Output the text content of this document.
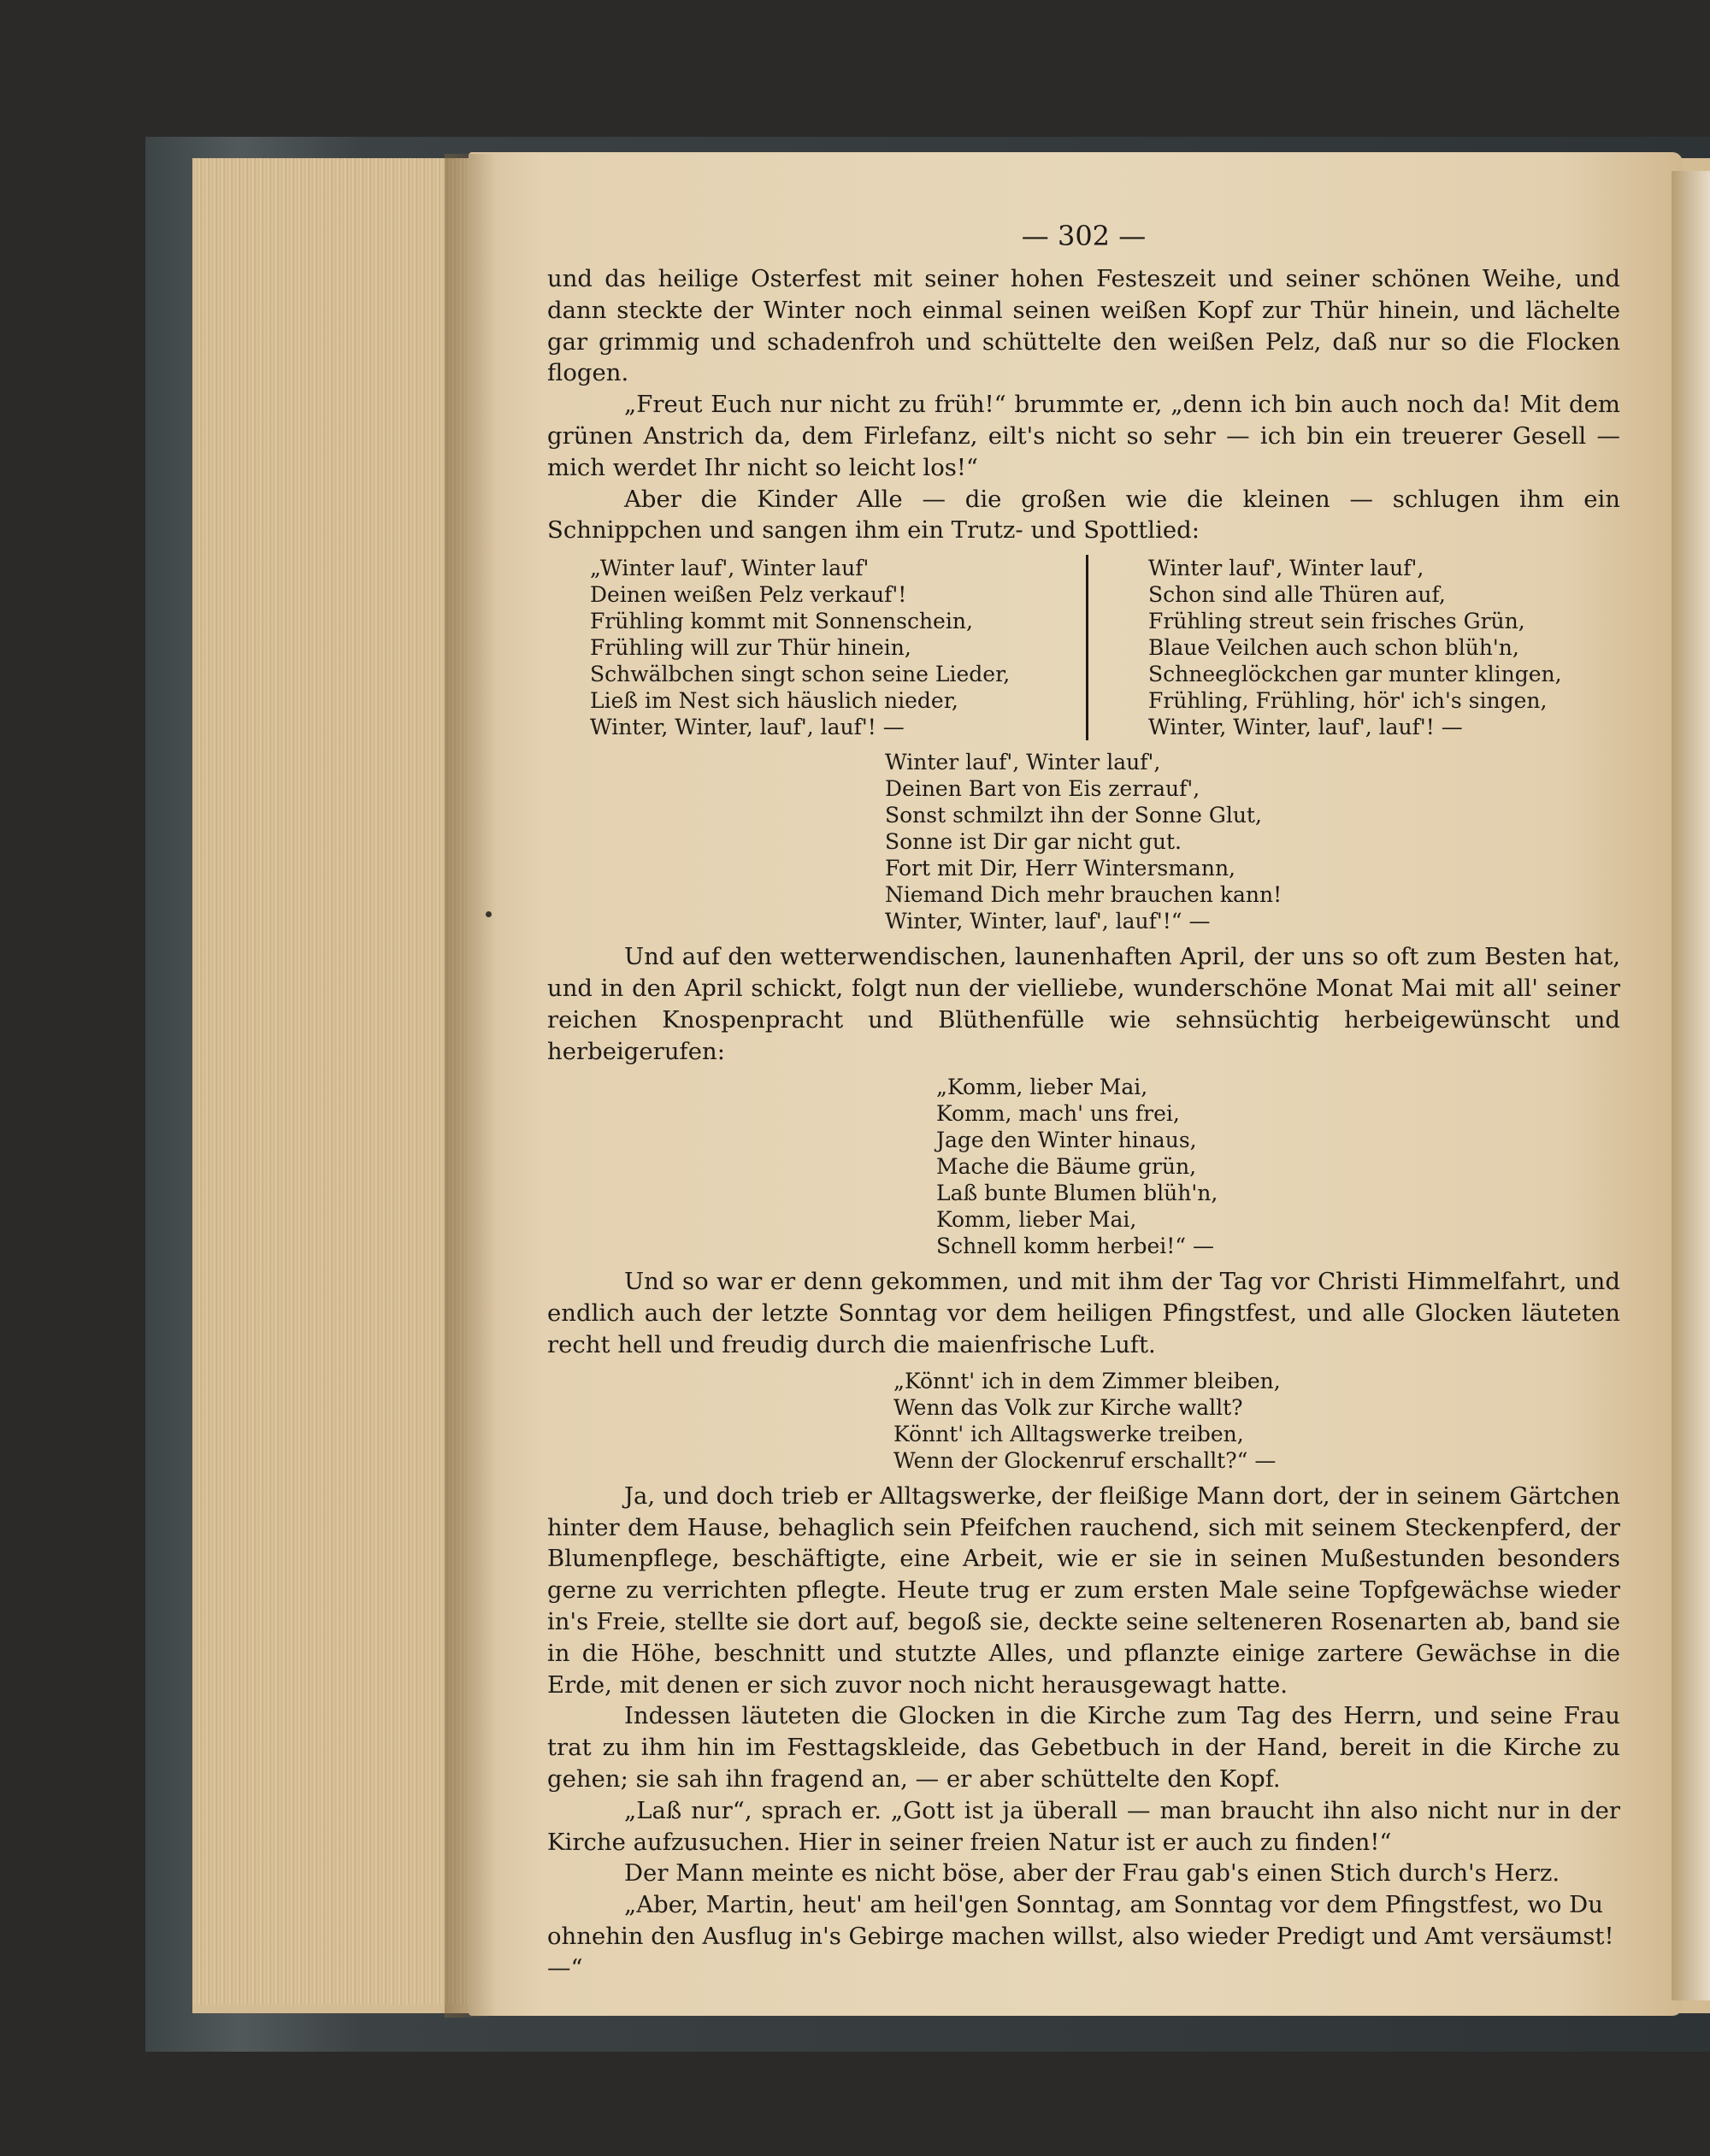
— 302 —

und das heilige Osterfest mit seiner hohen Festeszeit und seiner schönen Weihe, und dann steckte der Winter noch einmal seinen weißen Kopf zur Thür hinein, und lächelte gar grimmig und schadenfroh und schüttelte den weißen Pelz, daß nur so die Flocken flogen.

„Freut Euch nur nicht zu früh!“ brummte er, „denn ich bin auch noch da! Mit dem grünen Anstrich da, dem Firlefanz, eilt's nicht so sehr — ich bin ein treuerer Gesell — mich werdet Ihr nicht so leicht los!“

Aber die Kinder Alle — die großen wie die kleinen — schlugen ihm ein Schnippchen und sangen ihm ein Trutz- und Spottlied:

„Winter lauf', Winter lauf'
Deinen weißen Pelz verkauf'!
Frühling kommt mit Sonnenschein,
Frühling will zur Thür hinein,
Schwälbchen singt schon seine Lieder,
Ließ im Nest sich häuslich nieder,
Winter, Winter, lauf', lauf'! —
Winter lauf', Winter lauf',
Schon sind alle Thüren auf,
Frühling streut sein frisches Grün,
Blaue Veilchen auch schon blüh'n,
Schneeglöckchen gar munter klingen,
Frühling, Frühling, hör' ich's singen,
Winter, Winter, lauf', lauf'! —
Winter lauf', Winter lauf',
Deinen Bart von Eis zerrauf',
Sonst schmilzt ihn der Sonne Glut,
Sonne ist Dir gar nicht gut.
Fort mit Dir, Herr Wintersmann,
Niemand Dich mehr brauchen kann!
Winter, Winter, lauf', lauf'!“ —

Und auf den wetterwendischen, launenhaften April, der uns so oft zum Besten hat, und in den April schickt, folgt nun der vielliebe, wunderschöne Monat Mai mit all' seiner reichen Knospenpracht und Blüthenfülle wie sehnsüchtig herbeigewünscht und herbeigerufen:

„Komm, lieber Mai,
Komm, mach' uns frei,
Jage den Winter hinaus,
Mache die Bäume grün,
Laß bunte Blumen blüh'n,
Komm, lieber Mai,
Schnell komm herbei!“ —

Und so war er denn gekommen, und mit ihm der Tag vor Christi Himmelfahrt, und endlich auch der letzte Sonntag vor dem heiligen Pfingstfest, und alle Glocken läuteten recht hell und freudig durch die maienfrische Luft.

„Könnt' ich in dem Zimmer bleiben,
Wenn das Volk zur Kirche wallt?
Könnt' ich Alltagswerke treiben,
Wenn der Glockenruf erschallt?“ —

Ja, und doch trieb er Alltagswerke, der fleißige Mann dort, der in seinem Gärtchen hinter dem Hause, behaglich sein Pfeifchen rauchend, sich mit seinem Steckenpferd, der Blumenpflege, beschäftigte, eine Arbeit, wie er sie in seinen Mußestunden besonders gerne zu verrichten pflegte. Heute trug er zum ersten Male seine Topfgewächse wieder in's Freie, stellte sie dort auf, begoß sie, deckte seine selteneren Rosenarten ab, band sie in die Höhe, beschnitt und stutzte Alles, und pflanzte einige zartere Gewächse in die Erde, mit denen er sich zuvor noch nicht herausgewagt hatte.

Indessen läuteten die Glocken in die Kirche zum Tag des Herrn, und seine Frau trat zu ihm hin im Festtagskleide, das Gebetbuch in der Hand, bereit in die Kirche zu gehen; sie sah ihn fragend an, — er aber schüttelte den Kopf.

„Laß nur“, sprach er. „Gott ist ja überall — man braucht ihn also nicht nur in der Kirche aufzusuchen. Hier in seiner freien Natur ist er auch zu finden!“

Der Mann meinte es nicht böse, aber der Frau gab's einen Stich durch's Herz.

„Aber, Martin, heut' am heil'gen Sonntag, am Sonntag vor dem Pfingstfest, wo Du ohnehin den Ausflug in's Gebirge machen willst, also wieder Predigt und Amt versäumst! —“
